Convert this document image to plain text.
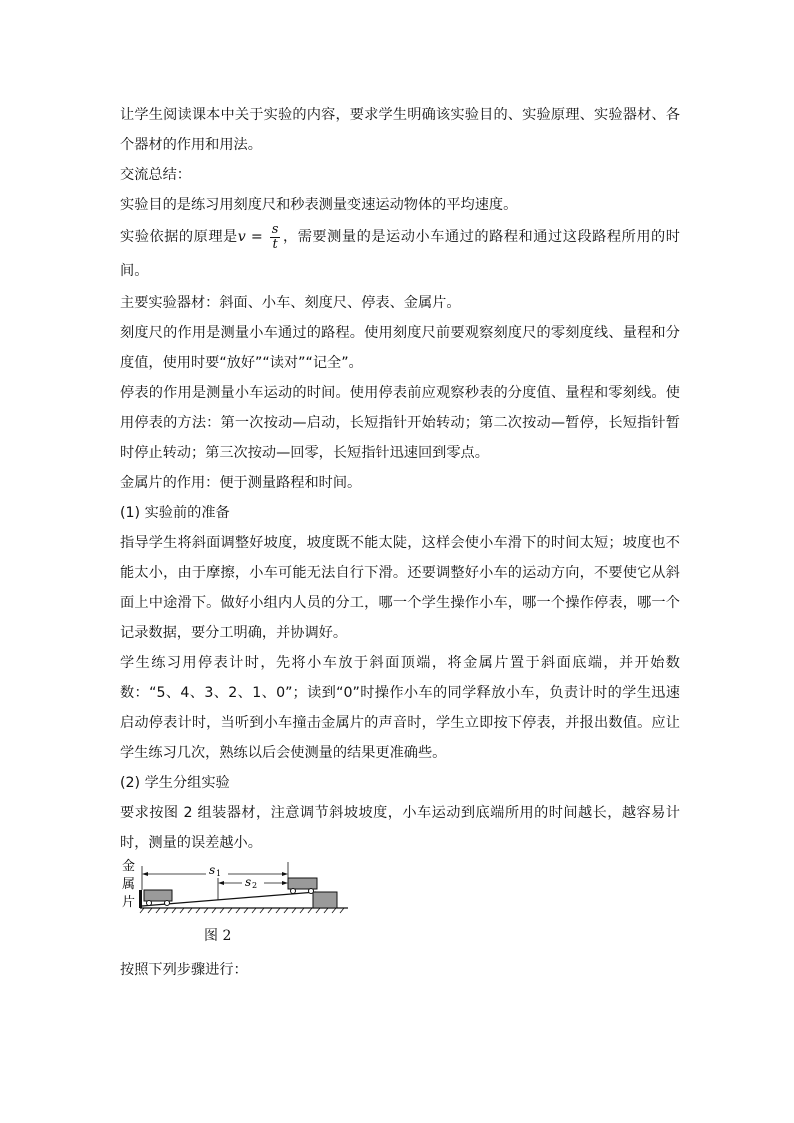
让学生阅读课本中关于实验的内容，要求学生明确该实验目的、实验原理、实验器材、各个器材的作用和用法。

交流总结：

实验目的是练习用刻度尺和秒表测量变速运动物体的平均速度。

实验依据的原理是$v = \frac{s}{t}$ ，需要测量的是运动小车通过的路程和通过这段路程所用的时间。

主要实验器材：斜面、小车、刻度尺、停表、金属片。

刻度尺的作用是测量小车通过的路程。使用刻度尺前要观察刻度尺的零刻度线、量程和分度值，使用时要“放好”“读对”“记全”。

停表的作用是测量小车运动的时间。使用停表前应观察秒表的分度值、量程和零刻线。使用停表的方法：第一次按动—启动，长短指针开始转动；第二次按动—暂停，长短指针暂时停止转动；第三次按动—回零，长短指针迅速回到零点。

金属片的作用：便于测量路程和时间。

(1) 实验前的准备

指导学生将斜面调整好坡度，坡度既不能太陡，这样会使小车滑下的时间太短；坡度也不能太小，由于摩擦，小车可能无法自行下滑。还要调整好小车的运动方向，不要使它从斜面上中途滑下。做好小组内人员的分工，哪一个学生操作小车，哪一个操作停表，哪一个记录数据，要分工明确，并协调好。

学生练习用停表计时，先将小车放于斜面顶端，将金属片置于斜面底端，并开始数数：“5、4、3、2、1、0”；读到“0”时操作小车的同学释放小车，负责计时的学生迅速启动停表计时，当听到小车撞击金属片的声音时，学生立即按下停表，并报出数值。应让学生练习几次，熟练以后会使测量的结果更准确些。

(2) 学生分组实验

要求按图 2 组装器材，注意调节斜坡坡度，小车运动到底端所用的时间越长，越容易计时，测量的误差越小。

金
属
片
s 1
s 2
图 2
按照下列步骤进行：
